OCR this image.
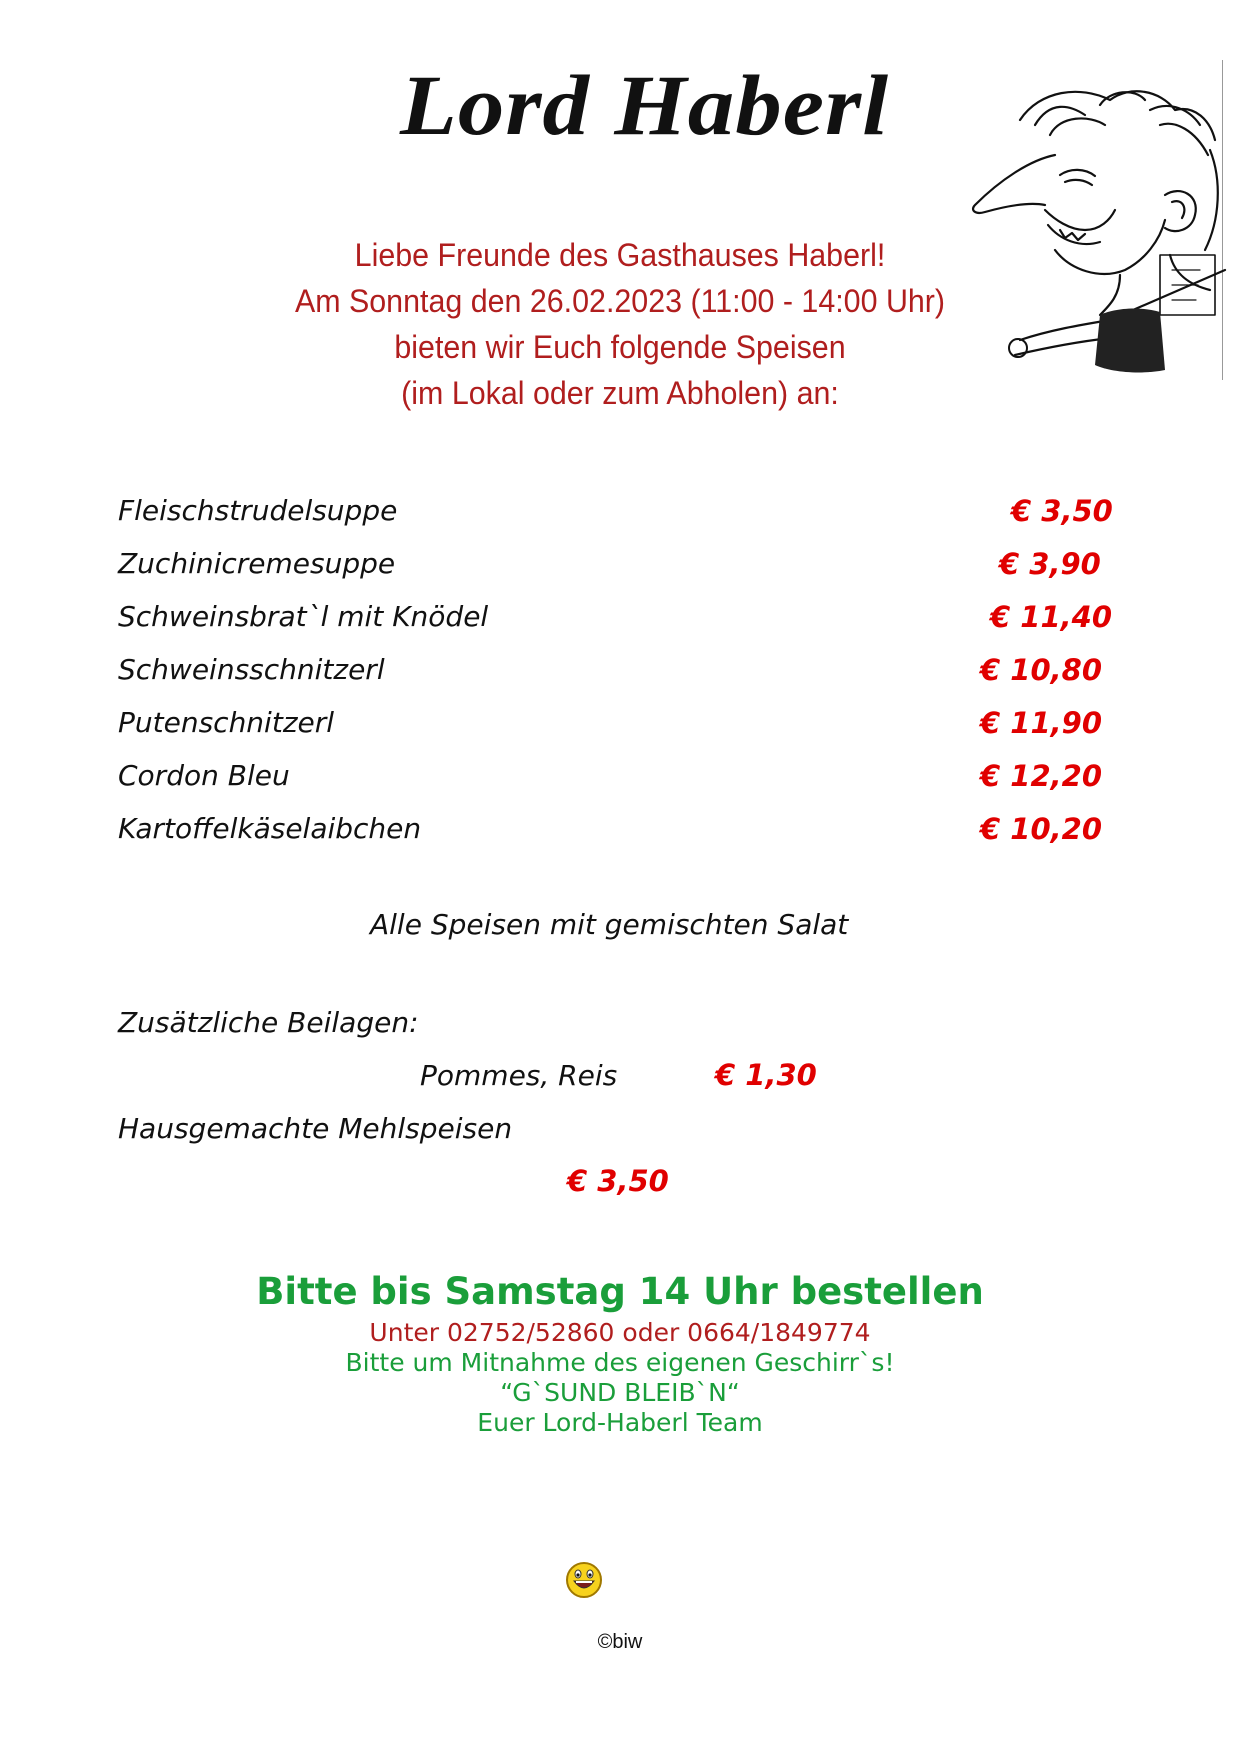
Lord Haberl
Liebe Freunde des Gasthauses Haberl!
Am Sonntag den 26.02.2023 (11:00 - 14:00 Uhr)
bieten wir Euch folgende Speisen
(im Lokal oder zum Abholen) an:
Fleischstrudelsuppe	€ 3,50
Zuchinicremesuppe	€ 3,90
Schweinsbrat`l mit Knödel	€ 11,40
Schweinsschnitzerl	€ 10,80
Putenschnitzerl	€ 11,90
Cordon Bleu	€ 12,20
Kartoffelkäselaibchen	€ 10,20
Alle Speisen mit gemischten Salat
Zusätzliche Beilagen:
Pommes, Reis	€ 1,30
Hausgemachte Mehlspeisen
€ 3,50
Bitte bis Samstag 14 Uhr bestellen
Unter 02752/52860 oder 0664/1849774
Bitte um Mitnahme des eigenen Geschirr`s!
“G`SUND BLEIB`N“
Euer Lord-Haberl Team
©biw
